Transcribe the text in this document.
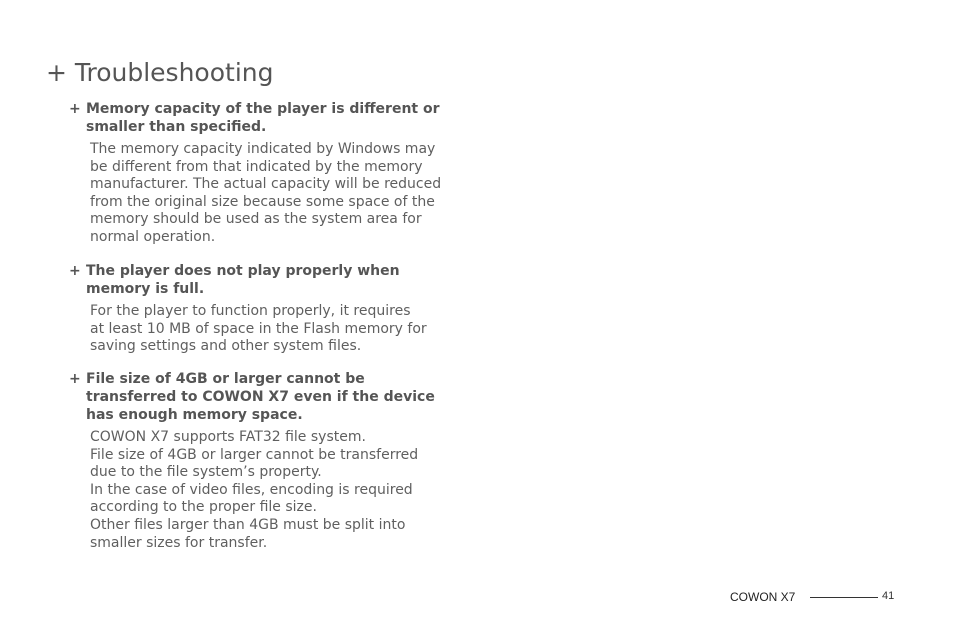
+ Troubleshooting
+ Memory capacity of the player is different or
smaller than specified.
The memory capacity indicated by Windows may
be different from that indicated by the memory
manufacturer. The actual capacity will be reduced
from the original size because some space of the
memory should be used as the system area for
normal operation.
+ The player does not play properly when
memory is full.
For the player to function properly, it requires
at least 10 MB of space in the Flash memory for
saving settings and other system files.
+ File size of 4GB or larger cannot be
transferred to COWON X7 even if the device
has enough memory space.
COWON X7 supports FAT32 file system.
File size of 4GB or larger cannot be transferred
due to the file system’s property.
In the case of video files, encoding is required
according to the proper file size.
Other files larger than 4GB must be split into
smaller sizes for transfer.
COWON X7	41
